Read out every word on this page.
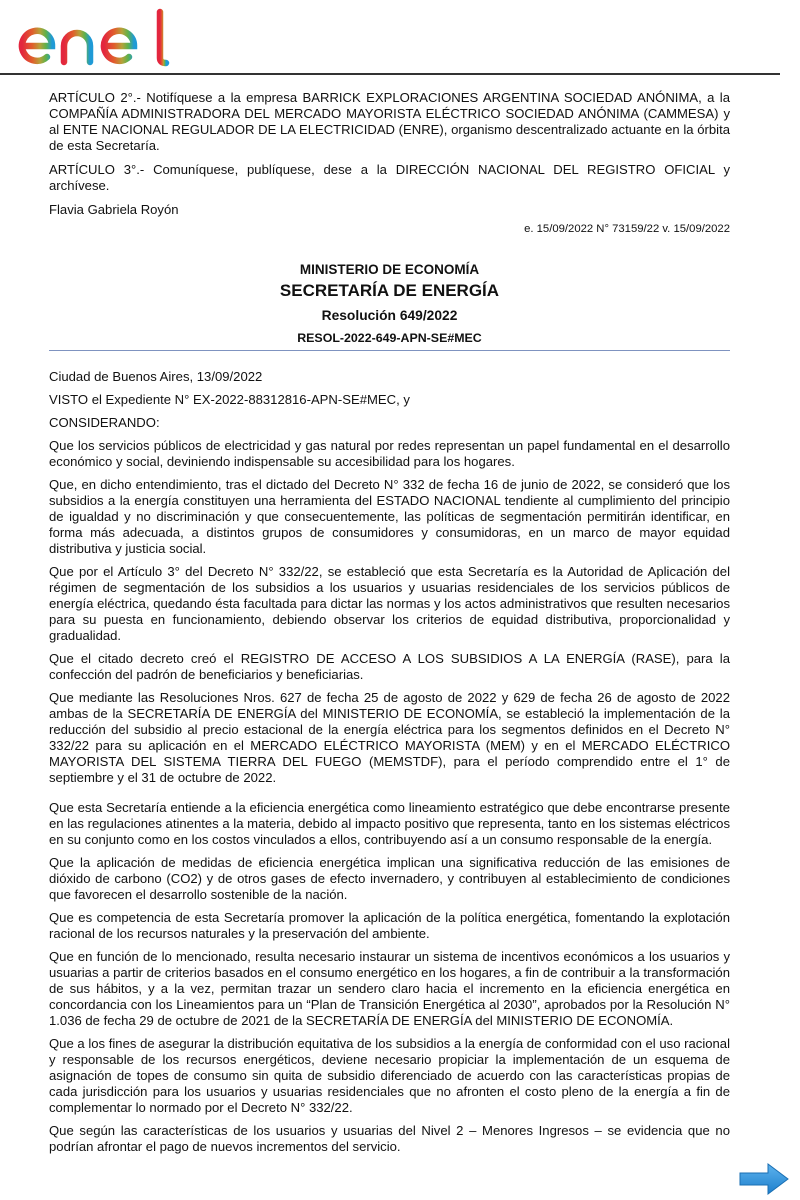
ARTÍCULO 2°.- Notifíquese a la empresa BARRICK EXPLORACIONES ARGENTINA SOCIEDAD ANÓNIMA, a la COMPAÑÍA ADMINISTRADORA DEL MERCADO MAYORISTA ELÉCTRICO SOCIEDAD ANÓNIMA (CAMMESA) y al ENTE NACIONAL REGULADOR DE LA ELECTRICIDAD (ENRE), organismo descentralizado actuante en la órbita de esta Secretaría.

ARTÍCULO 3°.- Comuníquese, publíquese, dese a la DIRECCIÓN NACIONAL DEL REGISTRO OFICIAL y archívese.

Flavia Gabriela Royón

e. 15/09/2022 N° 73159/22 v. 15/09/2022

MINISTERIO DE ECONOMÍA
SECRETARÍA DE ENERGÍA
Resolución 649/2022
RESOL-2022-649-APN-SE#MEC

Ciudad de Buenos Aires, 13/09/2022

VISTO el Expediente N° EX-2022-88312816-APN-SE#MEC, y

CONSIDERANDO:

Que los servicios públicos de electricidad y gas natural por redes representan un papel fundamental en el desarrollo económico y social, deviniendo indispensable su accesibilidad para los hogares.

Que, en dicho entendimiento, tras el dictado del Decreto N° 332 de fecha 16 de junio de 2022, se consideró que los subsidios a la energía constituyen una herramienta del ESTADO NACIONAL tendiente al cumplimiento del principio de igualdad y no discriminación y que consecuentemente, las políticas de segmentación permitirán identificar, en forma más adecuada, a distintos grupos de consumidores y consumidoras, en un marco de mayor equidad distributiva y justicia social.

Que por el Artículo 3° del Decreto N° 332/22, se estableció que esta Secretaría es la Autoridad de Aplicación del régimen de segmentación de los subsidios a los usuarios y usuarias residenciales de los servicios públicos de energía eléctrica, quedando ésta facultada para dictar las normas y los actos administrativos que resulten necesarios para su puesta en funcionamiento, debiendo observar los criterios de equidad distributiva, proporcionalidad y gradualidad.

Que el citado decreto creó el REGISTRO DE ACCESO A LOS SUBSIDIOS A LA ENERGÍA (RASE), para la confección del padrón de beneficiarios y beneficiarias.

Que mediante las Resoluciones Nros. 627 de fecha 25 de agosto de 2022 y 629 de fecha 26 de agosto de 2022 ambas de la SECRETARÍA DE ENERGÍA del MINISTERIO DE ECONOMÍA, se estableció la implementación de la reducción del subsidio al precio estacional de la energía eléctrica para los segmentos definidos en el Decreto N° 332/22 para su aplicación en el MERCADO ELÉCTRICO MAYORISTA (MEM) y en el MERCADO ELÉCTRICO MAYORISTA DEL SISTEMA TIERRA DEL FUEGO (MEMSTDF), para el período comprendido entre el 1° de septiembre y el 31 de octubre de 2022.

Que esta Secretaría entiende a la eficiencia energética como lineamiento estratégico que debe encontrarse presente en las regulaciones atinentes a la materia, debido al impacto positivo que representa, tanto en los sistemas eléctricos en su conjunto como en los costos vinculados a ellos, contribuyendo así a un consumo responsable de la energía.

Que la aplicación de medidas de eficiencia energética implican una significativa reducción de las emisiones de dióxido de carbono (CO2) y de otros gases de efecto invernadero, y contribuyen al establecimiento de condiciones que favorecen el desarrollo sostenible de la nación.

Que es competencia de esta Secretaría promover la aplicación de la política energética, fomentando la explotación racional de los recursos naturales y la preservación del ambiente.

Que en función de lo mencionado, resulta necesario instaurar un sistema de incentivos económicos a los usuarios y usuarias a partir de criterios basados en el consumo energético en los hogares, a fin de contribuir a la transformación de sus hábitos, y a la vez, permitan trazar un sendero claro hacia el incremento en la eficiencia energética en concordancia con los Lineamientos para un “Plan de Transición Energética al 2030”, aprobados por la Resolución N° 1.036 de fecha 29 de octubre de 2021 de la SECRETARÍA DE ENERGÍA del MINISTERIO DE ECONOMÍA.

Que a los fines de asegurar la distribución equitativa de los subsidios a la energía de conformidad con el uso racional y responsable de los recursos energéticos, deviene necesario propiciar la implementación de un esquema de asignación de topes de consumo sin quita de subsidio diferenciado de acuerdo con las características propias de cada jurisdicción para los usuarios y usuarias residenciales que no afronten el costo pleno de la energía a fin de complementar lo normado por el Decreto N° 332/22.

Que según las características de los usuarios y usuarias del Nivel 2 – Menores Ingresos – se evidencia que no podrían afrontar el pago de nuevos incrementos del servicio.
